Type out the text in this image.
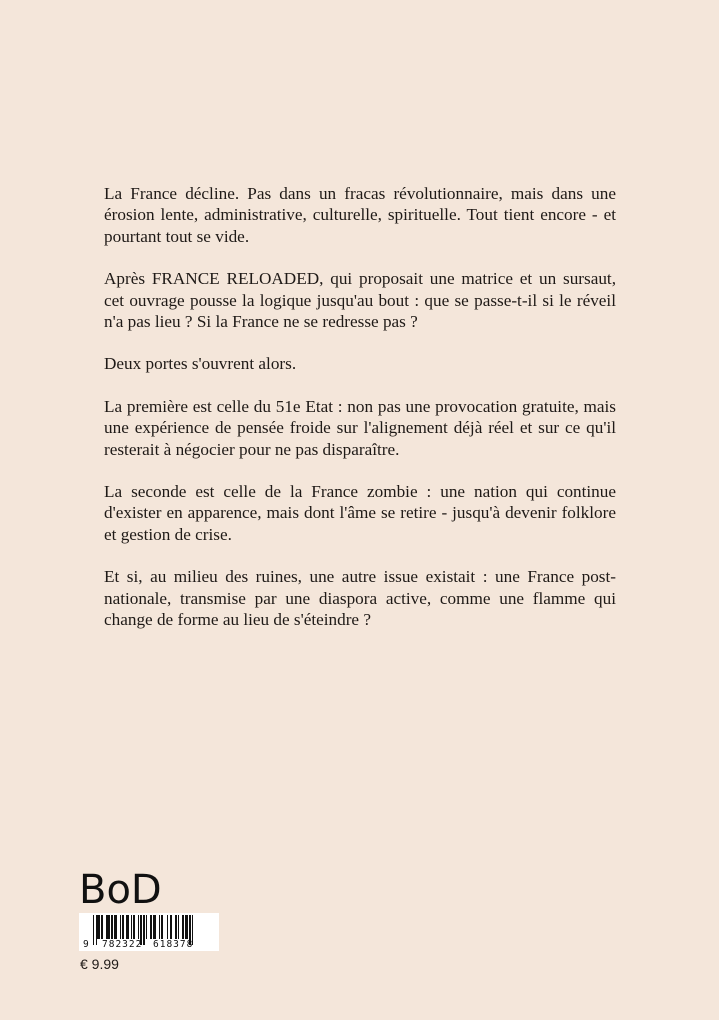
La France décline. Pas dans un fracas révolutionnaire, mais dans une érosion lente, administrative, culturelle, spirituelle. Tout tient encore - et pourtant tout se vide.

Après FRANCE RELOADED, qui proposait une matrice et un sursaut, cet ouvrage pousse la logique jusqu'au bout : que se passe-t-il si le réveil n'a pas lieu ? Si la France ne se redresse pas ?

Deux portes s'ouvrent alors.

La première est celle du 51e Etat : non pas une provocation gratuite, mais une expérience de pensée froide sur l'alignement déjà réel et sur ce qu'il resterait à négocier pour ne pas disparaître.

La seconde est celle de la France zombie : une nation qui continue d'exister en apparence, mais dont l'âme se retire - jusqu'à devenir folklore et gestion de crise.

Et si, au milieu des ruines, une autre issue existait : une France post-nationale, transmise par une diaspora active, comme une flamme qui change de forme au lieu de s'éteindre ?

BoD
9 782322 618378
€ 9.99
